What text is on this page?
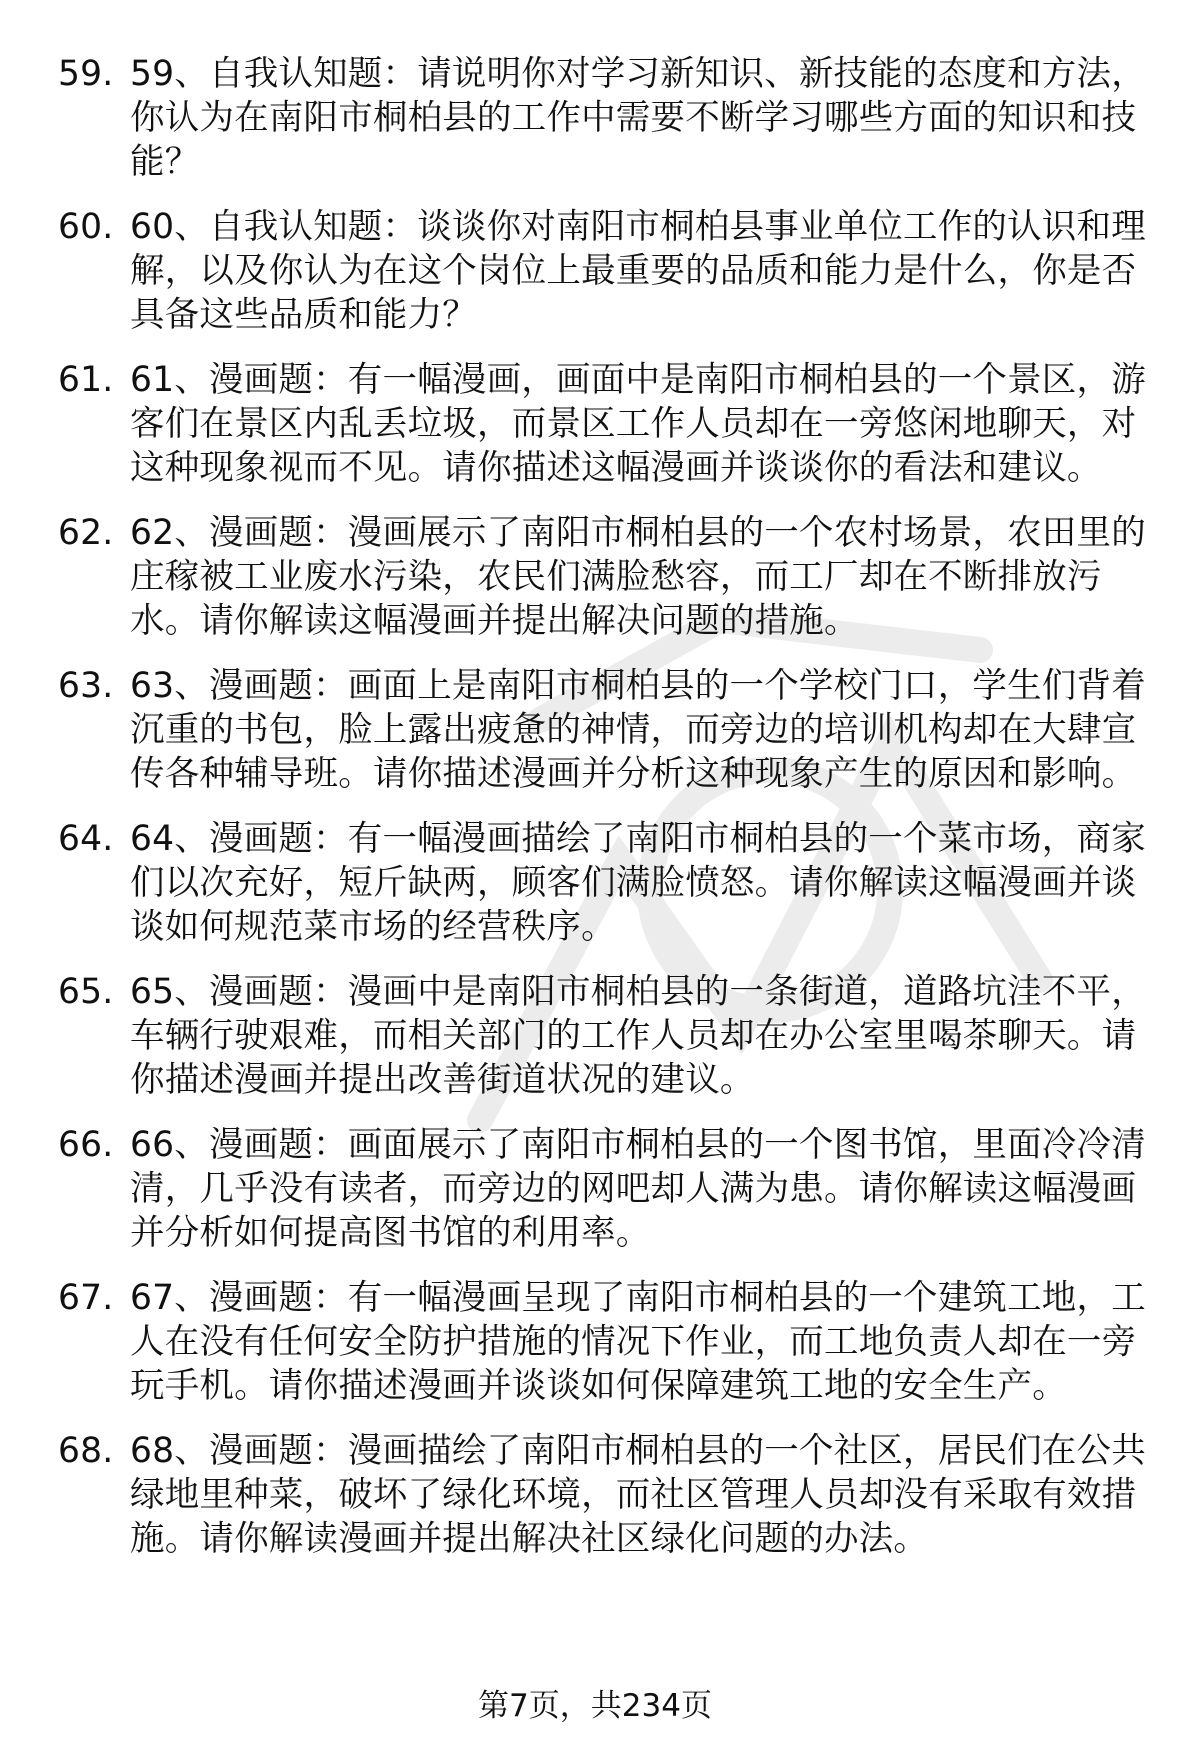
59. 59、自我认知题：请说明你对学习新知识、新技能的态度和方法，你认为在南阳市桐柏县的工作中需要不断学习哪些方面的知识和技能？
60. 60、自我认知题：谈谈你对南阳市桐柏县事业单位工作的认识和理解，以及你认为在这个岗位上最重要的品质和能力是什么，你是否具备这些品质和能力？
61. 61、漫画题：有一幅漫画，画面中是南阳市桐柏县的一个景区，游客们在景区内乱丢垃圾，而景区工作人员却在一旁悠闲地聊天，对这种现象视而不见。请你描述这幅漫画并谈谈你的看法和建议。
62. 62、漫画题：漫画展示了南阳市桐柏县的一个农村场景，农田里的庄稼被工业废水污染，农民们满脸愁容，而工厂却在不断排放污水。请你解读这幅漫画并提出解决问题的措施。
63. 63、漫画题：画面上是南阳市桐柏县的一个学校门口，学生们背着沉重的书包，脸上露出疲惫的神情，而旁边的培训机构却在大肆宣传各种辅导班。请你描述漫画并分析这种现象产生的原因和影响。
64. 64、漫画题：有一幅漫画描绘了南阳市桐柏县的一个菜市场，商家们以次充好，短斤缺两，顾客们满脸愤怒。请你解读这幅漫画并谈谈如何规范菜市场的经营秩序。
65. 65、漫画题：漫画中是南阳市桐柏县的一条街道，道路坑洼不平，车辆行驶艰难，而相关部门的工作人员却在办公室里喝茶聊天。请你描述漫画并提出改善街道状况的建议。
66. 66、漫画题：画面展示了南阳市桐柏县的一个图书馆，里面冷冷清清，几乎没有读者，而旁边的网吧却人满为患。请你解读这幅漫画并分析如何提高图书馆的利用率。
67. 67、漫画题：有一幅漫画呈现了南阳市桐柏县的一个建筑工地，工人在没有任何安全防护措施的情况下作业，而工地负责人却在一旁玩手机。请你描述漫画并谈谈如何保障建筑工地的安全生产。
68. 68、漫画题：漫画描绘了南阳市桐柏县的一个社区，居民们在公共绿地里种菜，破坏了绿化环境，而社区管理人员却没有采取有效措施。请你解读漫画并提出解决社区绿化问题的办法。
第7页，共234页
